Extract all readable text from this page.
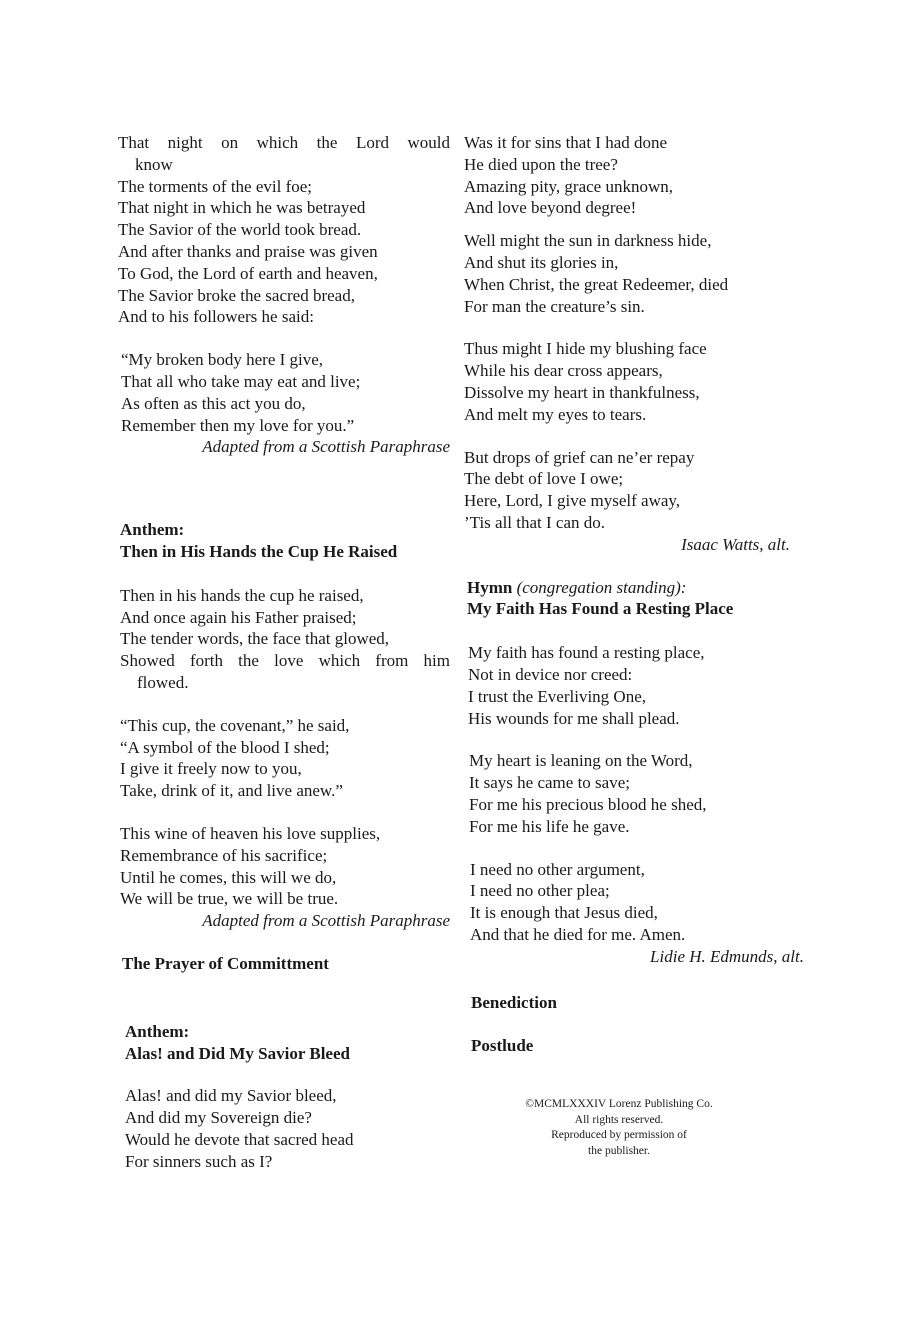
That night on which the Lord would
know
The torments of the evil foe;
That night in which he was betrayed
The Savior of the world took bread.
And after thanks and praise was given
To God, the Lord of earth and heaven,
The Savior broke the sacred bread,
And to his followers he said:
“My broken body here I give,
That all who take may eat and live;
As often as this act you do,
Remember then my love for you.”
Adapted from a Scottish Paraphrase
Anthem:
Then in His Hands the Cup He Raised
Then in his hands the cup he raised,
And once again his Father praised;
The tender words, the face that glowed,
Showed forth the love which from him
flowed.
“This cup, the covenant,” he said,
“A symbol of the blood I shed;
I give it freely now to you,
Take, drink of it, and live anew.”
This wine of heaven his love supplies,
Remembrance of his sacrifice;
Until he comes, this will we do,
We will be true, we will be true.
Adapted from a Scottish Paraphrase
The Prayer of Committment
Anthem:
Alas! and Did My Savior Bleed
Alas! and did my Savior bleed,
And did my Sovereign die?
Would he devote that sacred head
For sinners such as I?
Was it for sins that I had done
He died upon the tree?
Amazing pity, grace unknown,
And love beyond degree!
Well might the sun in darkness hide,
And shut its glories in,
When Christ, the great Redeemer, died
For man the creature’s sin.
Thus might I hide my blushing face
While his dear cross appears,
Dissolve my heart in thankfulness,
And melt my eyes to tears.
But drops of grief can ne’er repay
The debt of love I owe;
Here, Lord, I give myself away,
’Tis all that I can do.
Isaac Watts, alt.
Hymn (congregation standing):
My Faith Has Found a Resting Place
My faith has found a resting place,
Not in device nor creed:
I trust the Everliving One,
His wounds for me shall plead.
My heart is leaning on the Word,
It says he came to save;
For me his precious blood he shed,
For me his life he gave.
I need no other argument,
I need no other plea;
It is enough that Jesus died,
And that he died for me. Amen.
Lidie H. Edmunds, alt.
Benediction
Postlude
©MCMLXXXIV Lorenz Publishing Co.
All rights reserved.
Reproduced by permission of
the publisher.
